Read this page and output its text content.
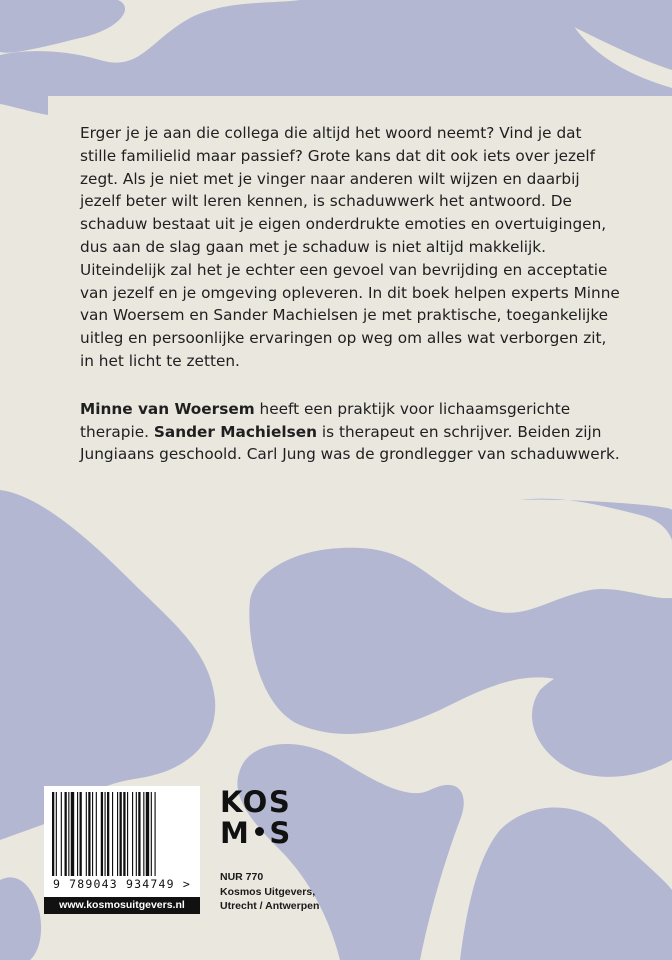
Erger je je aan die collega die altijd het woord neemt? Vind je dat stille familielid maar passief? Grote kans dat dit ook iets over jezelf zegt. Als je niet met je vinger naar anderen wilt wijzen en daarbij jezelf beter wilt leren kennen, is schaduwwerk het antwoord. De schaduw bestaat uit je eigen onderdrukte emoties en overtuigingen, dus aan de slag gaan met je schaduw is niet altijd makkelijk. Uiteindelijk zal het je echter een gevoel van bevrijding en acceptatie van jezelf en je omgeving opleveren. In dit boek helpen experts Minne van Woersem en Sander Machielsen je met praktische, toegankelijke uitleg en persoonlijke ervaringen op weg om alles wat verborgen zit, in het licht te zetten.

Minne van Woersem heeft een praktijk voor lichaamsgerichte therapie. Sander Machielsen is therapeut en schrijver. Beiden zijn Jungiaans geschoold. Carl Jung was de grondlegger van schaduwwerk.

9 789043 934749 >
www.kosmosuitgevers.nl
KOS
M S
NUR 770
Kosmos Uitgevers,
Utrecht / Antwerpen
